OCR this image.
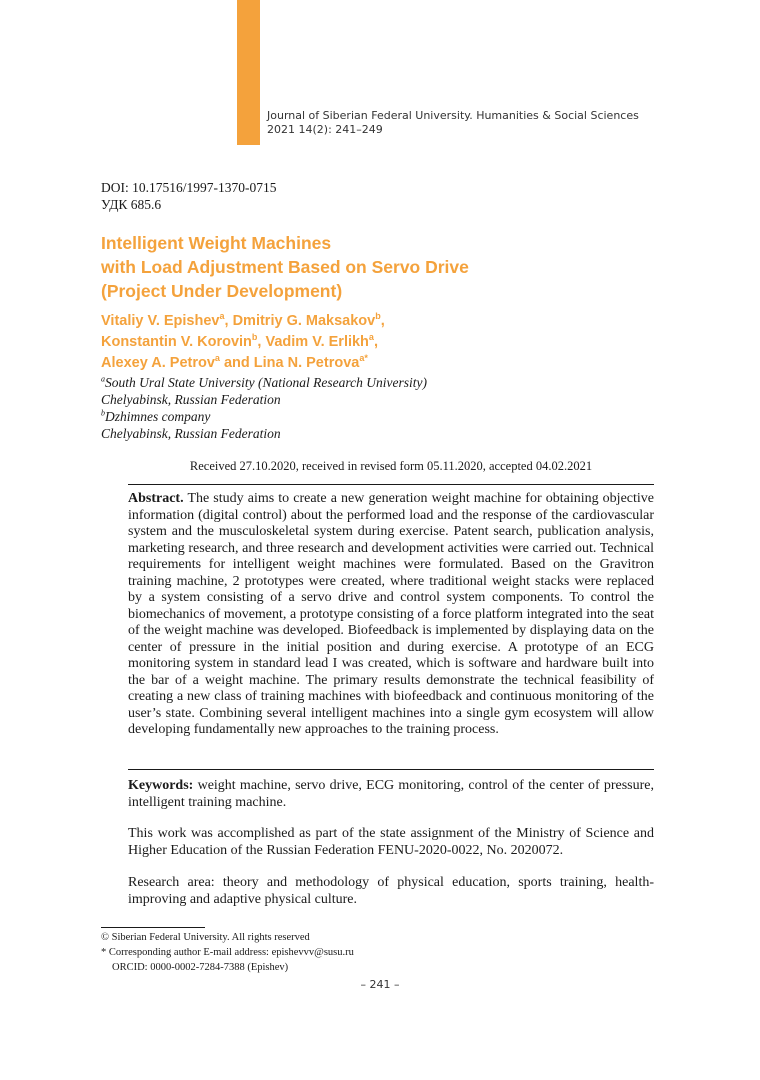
Journal of Siberian Federal University. Humanities & Social Sciences
2021 14(2): 241–249
DOI: 10.17516/1997-1370-0715
УДК 685.6
Intelligent Weight Machines
with Load Adjustment Based on Servo Drive
(Project Under Development)
Vitaliy V. Epishev$^a$, Dmitriy G. Maksakov$^b$,
Konstantin V. Korovin$^b$, Vadim V. Erlikh$^a$,
Alexey A. Petrov$^a$ and Lina N. Petrova$^{a*}$
$^a$South Ural State University (National Research University)
Chelyabinsk, Russian Federation
$^b$Dzhimnes company
Chelyabinsk, Russian Federation
Received 27.10.2020, received in revised form 05.11.2020, accepted 04.02.2021
Abstract. The study aims to create a new generation weight machine for obtaining objective information (digital control) about the performed load and the response of the cardiovascular system and the musculoskeletal system during exercise. Patent search, publication analysis, marketing research, and three research and development activities were carried out. Technical requirements for intelligent weight machines were formulated. Based on the Gravitron training machine, 2 prototypes were created, where traditional weight stacks were replaced by a system consisting of a servo drive and control system components. To control the biomechanics of movement, a prototype consisting of a force platform integrated into the seat of the weight machine was developed. Biofeedback is implemented by displaying data on the center of pressure in the initial position and during exercise. A prototype of an ECG monitoring system in standard lead I was created, which is software and hardware built into the bar of a weight machine. The primary results demonstrate the technical feasibility of creating a new class of training machines with biofeedback and continuous monitoring of the user’s state. Combining several intelligent machines into a single gym ecosystem will allow developing fundamentally new approaches to the training process.
Keywords: weight machine, servo drive, ECG monitoring, control of the center of pressure, intelligent training machine.
This work was accomplished as part of the state assignment of the Ministry of Science and Higher Education of the Russian Federation FENU-2020-0022, No. 2020072.
Research area: theory and methodology of physical education, sports training, health-improving and adaptive physical culture.
© Siberian Federal University. All rights reserved
* Corresponding author E-mail address: epishevvv@susu.ru
ORCID: 0000-0002-7284-7388 (Epishev)
– 241 –
